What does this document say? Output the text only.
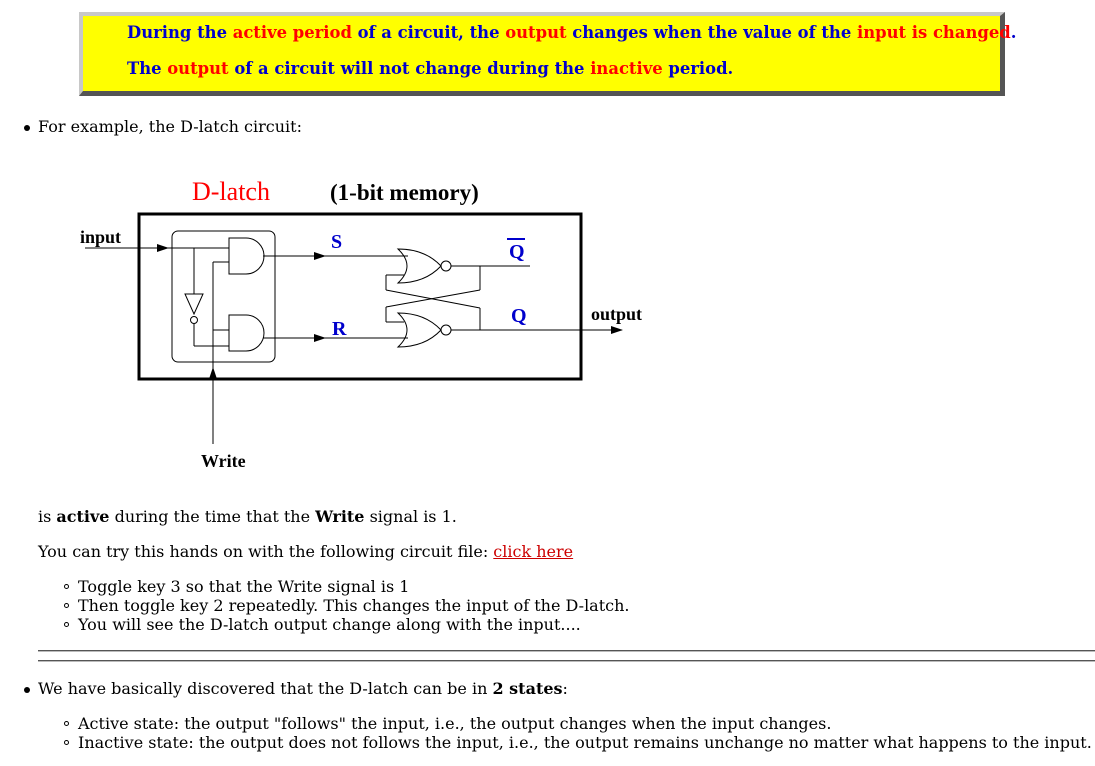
During the active period of a circuit, the output changes when the value of the input is changed.
The output of a circuit will not change during the inactive period.
For example, the D-latch circuit:
D-latch	(1-bit memory)
input
Write
S
R
Q
Q	output
is active during the time that the Write signal is 1.
You can try this hands on with the following circuit file: click here
Toggle key 3 so that the Write signal is 1
Then toggle key 2 repeatedly. This changes the input of the D-latch.
You will see the D-latch output change along with the input....
We have basically discovered that the D-latch can be in 2 states:
Active state: the output "follows" the input, i.e., the output changes when the input changes.
Inactive state: the output does not follows the input, i.e., the output remains unchange no matter what happens to the input.
